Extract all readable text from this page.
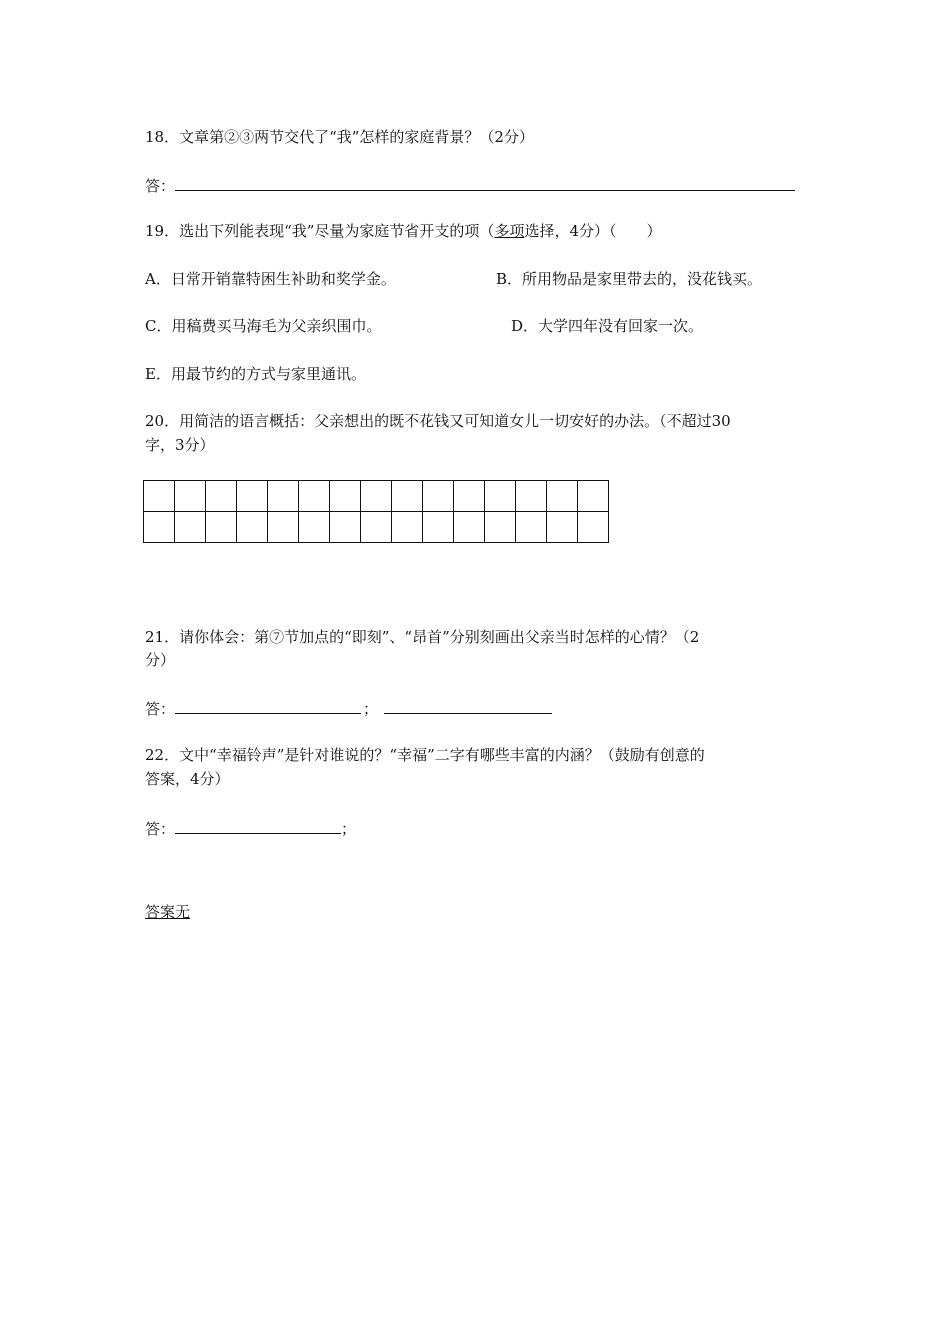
18．文章第②③两节交代了“我”怎样的家庭背景？（2分）
答：
19．选出下列能表现“我”尽量为家庭节省开支的项（多项选择，4分）（　　）
A．日常开销靠特困生补助和奖学金。	B．所用物品是家里带去的，没花钱买。
C．用稿费买马海毛为父亲织围巾。	D．大学四年没有回家一次。
E．用最节约的方式与家里通讯。
20．用简洁的语言概括：父亲想出的既不花钱又可知道女儿一切安好的办法。（不超过30
字，3分）

21．请你体会：第⑦节加点的“即刻”、“昂首”分别刻画出父亲当时怎样的心情？（2
分）
答：	；
22．文中“幸福铃声”是针对谁说的？“幸福”二字有哪些丰富的内涵？（鼓励有创意的
答案，4分）
答：	；
答案无
